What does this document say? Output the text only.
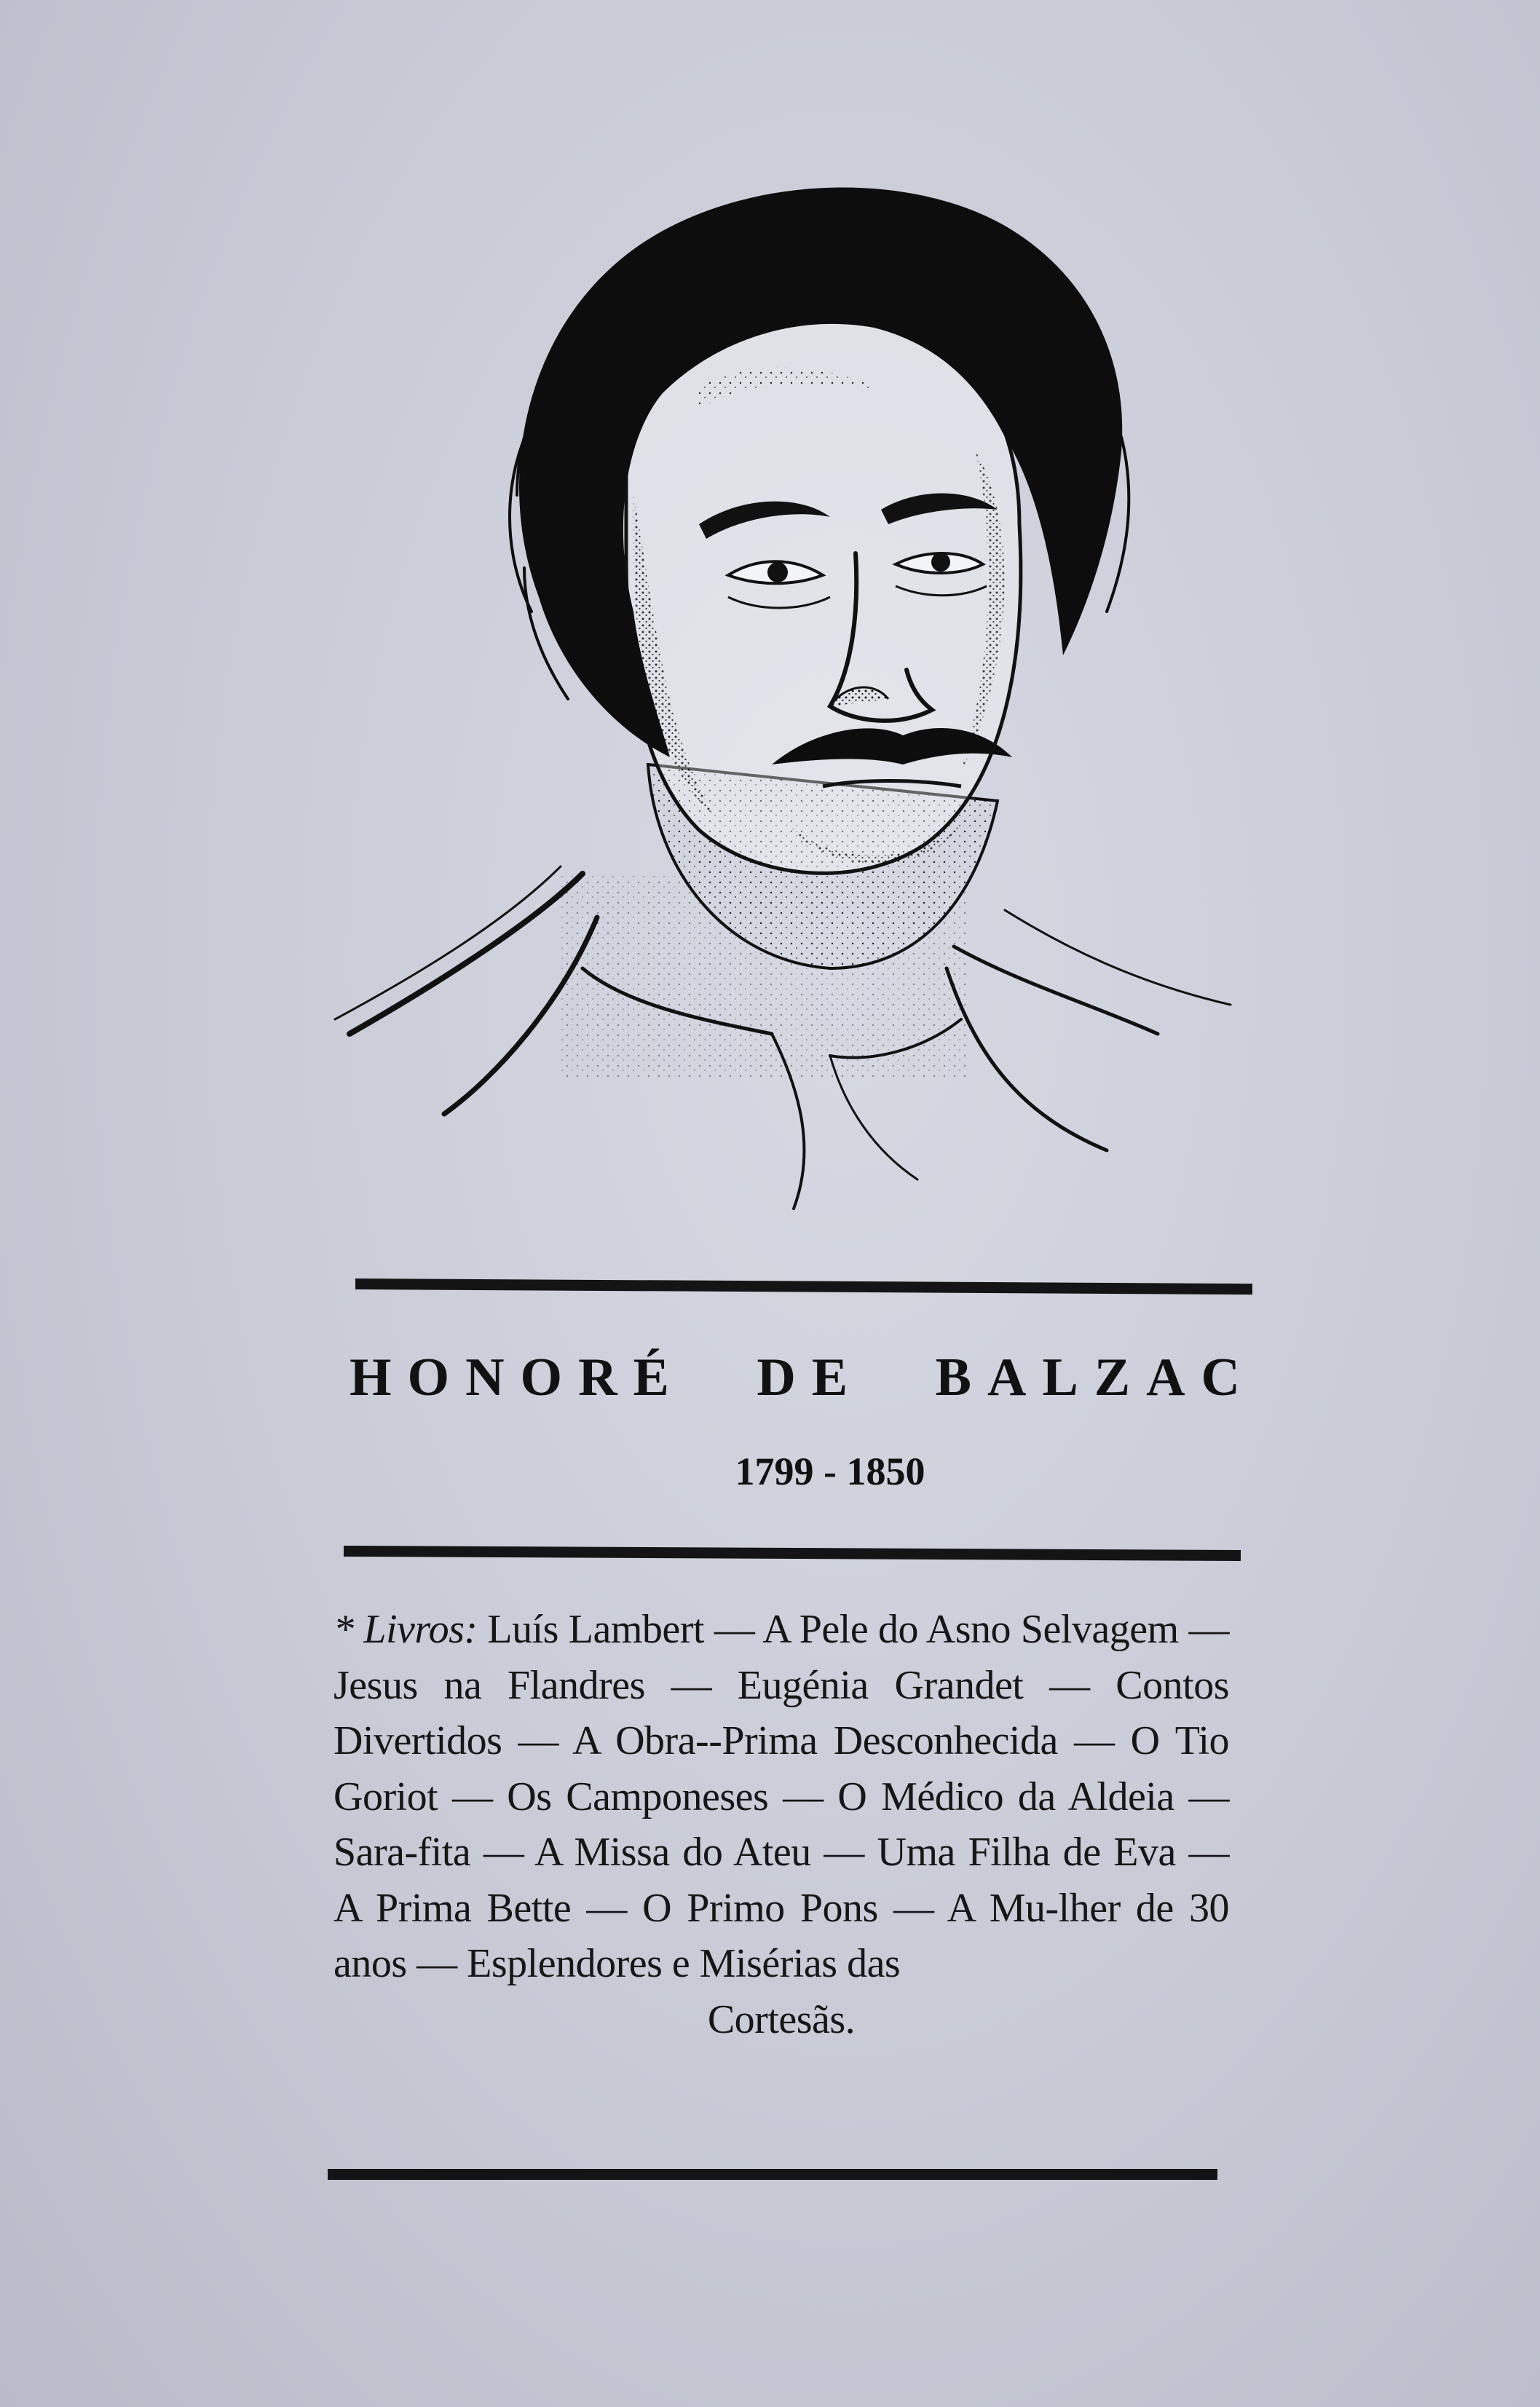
HONORÉ DE BALZAC
1799 - 1850
* Livros: Luís Lambert — A Pele do Asno Selvagem — Jesus na Flandres — Eugénia Grandet — Contos Divertidos — A Obra--Prima Desconhecida — O Tio Goriot — Os Camponeses — O Médico da Aldeia — Sara-fita — A Missa do Ateu — Uma Filha de Eva — A Prima Bette — O Primo Pons — A Mu-lher de 30 anos — Esplendores e Misérias das
Cortesãs.
